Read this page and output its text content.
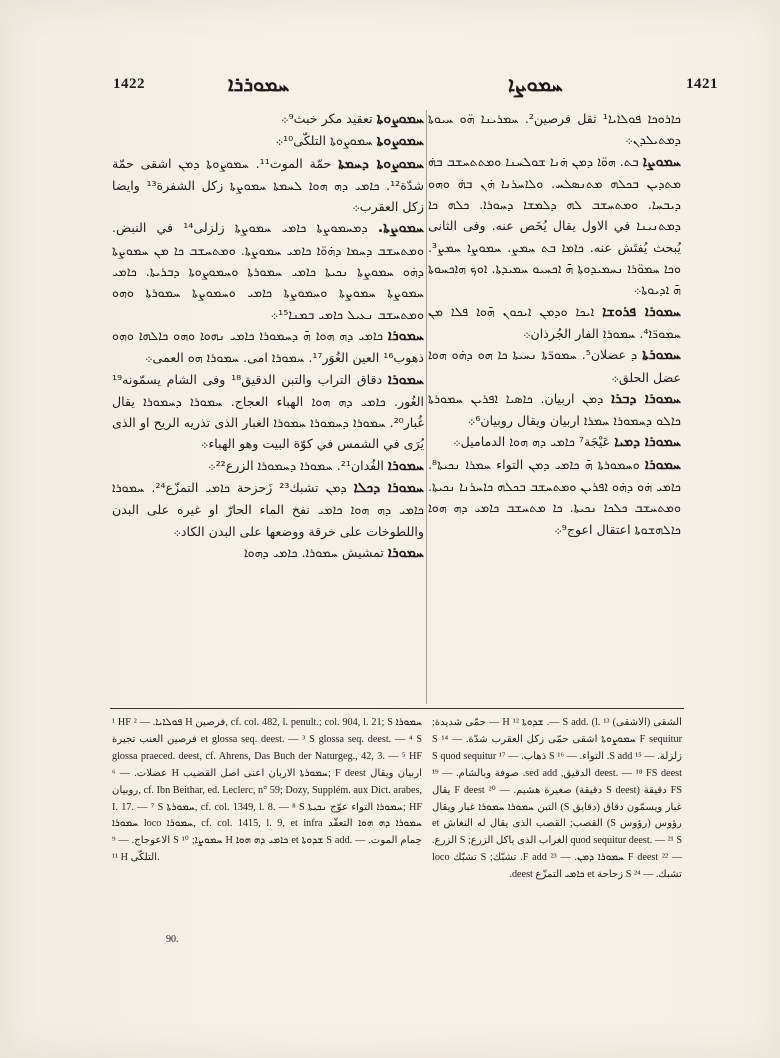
1422	ܚܡܘܪܪܐ	ܚܡܘܨܐ	1421

ܚܡܘܨܘܬܐ تعقيد مكر خبث⁹܀

ܚܡܘܨܘܬܐ ܚܡܘܨܘܬܐ التلكّى¹⁰܀

ܚܡܘܨܘܬܐ ܕܚܡܬܐ حمّة الموت¹¹. ܚܡܘܨܘܬܐ ܕܡܢ اشقى حمّة شدّة¹². ܟܐܡܝ ܕܗ ܗܘܐ ܠܚܡܬܐ ܚܡܘܨܬܐ زكل الشفرة¹³ وايضا زكل العقرب܀

ܚܡܘܨܬܐ. ܕܡܚܡܘܨܬܐ ܟܐܡܝ ܚܡܘܨܬܐ زلزلى¹⁴ في النبض. ܘܡܬܚܫܒ ܕܚܡܐ ܕܗ̇ܘ̈ܐ ܟܐܡܝ ܚܡܘܨܬܐ. ܘܡܬܚܫܒ ܟܐ ܡܢ ܚܡܘܨܬܐ ܕܗ̇ܘ ܚܡܘܨܬܐ ܢܟܝܬܐ ܟܐܡܝ ܚܡܘܪܬܐ ܘܚܡܘܨܘܬܐ ܕܒܪܝܬܐ. ܟܐܡܝ ܚܡܘܨܬܐ ܚܡܘܨܬܐ ܘܚܡܘܨܬܐ ܟܐܡܝ ܘܚܡܘܨܬܐ ܚܡܘܪܬܐ ܘܗܘ ܘܡܬܚܫܒ ܢܥܝܠ ܟܐܡܝ ܒܡܢܐ¹⁵܀

ܚܡܘܪܐ ܟܐܡܝ ܕܗ ܗܘܐ ܗ̄ ܕܚܡܘܪܐ ܟܐܡܝ ܢܗܘܐ ܘܗܘ ܟܐܠܗܐ ܘܗܘ ذهوب¹⁶ العين الغُوَر¹⁷. ܚܡܘܪܐ امى. ܚܡܘܪܐ ܗܘ العمى܀

ܚܡܘܪܐ دقاق التراب والتبن الدقيق¹⁸ وفى الشام يسمّونه¹⁹ الغُور. ܟܐܡܝ ܕܗ ܗܘܐ الهباء العجاج. ܚܡܘܪܐ ܕܚܡܘܪܐ يقال غُبار²⁰. ܚܡܘܪܐ ܕܚܡܘܪܐ ܚܡܘܪܐ الغبار الذى تذريه الريح او الذى يُرَى في الشمس في كوّة البيت وهو الهباء܀

ܚܡܘܪܐ الفُدان²¹. ܚܡܘܪܐ ܕܚܡܘܪܐ الزرع²²܀

ܚܡܘܪܐ ܕܟܠܐ ܕܡܢ تشبك²³ زَحزحة ܟܐܡܝ التمزّع²⁴. ܚܡܘܪܐ ܟܐܡܝ ܕܗ ܗܘܐ ܟܐܡܝ نفخ الماء الحارّ او غيره على البدن واللطوخات على خرقة ووضعها على البدن الكاد܀

ܚܡܘܪܐ تمشيش ܚܡܘܪܐ. ܟܐܡܝ ܕܗܘܐ

ܟܐܪܘܟܐ ܦܘܠܐܝܐ¹ ثقل فرصين². ܚܡܪܝܢܐ ܗ̈ܘ ܚܝܘܬܐ ܕܡܬܝܠܕܢ܀

ܚܡܘܨܐ ܒܬ. ܗܘ̈ܐ ܕܡܢ ܗ̇ܢܐ ܫܘܠܚܢܐ ܘܡܬܬܚܫܒ ܒܗ̇ ܡܬܕܝܢ ܒܟܠܗ ܡܬܢܣܠܚ. ܘܠܐܚܪܢܐ ܗ̇ܢ ܒܗ̇ ܘܗܘ ܕܝܒܚܐ. ܘܡܬܚܫܒ ܠܗ ܕܠܡܫܐ ܕܚܘܪܐ. ܟܠܗ ܟܐ ܕܡܬܢܝܢܐ في الاول يقال يُخَص عنه. وفى الثانى يُبحث يُفتَش عنه. ܟܐܡܐ ܒܬ ܚܡܨ. ܚܡܘܨܐ ܚܡܨ³. ܘܟܐ ܚܡܘ̈ܪܐ ܢܚܡܝܕܘܬܐ ܗ̄ ܐܟܚܝܘ ܚܡܝܕܬܐ. ܐܘܟ ܗܐܟܚܘܬܐ ܗ̄ ܐܕܝܘܬܐ܀

ܚܡܘܪܐ ܦܪܘܫܐ ܐܝܟܐ ܘܕܡܢ ܐܝܟܘܢ ܗ̄ܘܐ ܦܠܐ ܡܢ ܚܡܘܪ̈ܐ⁴. ܚܡܘܪܐ الفار الجُرذان܀

ܚܡܘܪܬܐ ܕ عضلان⁵. ܚܡܘܪ̈ܬܐ ܢܚܝܬܐ ܟܐ ܗܘ ܕܗ̇ܘ ܗܘܐ عضل الحلق܀

ܚܡܘܪܐ ܕܒܪܐ ܕܡܢ اربيان. ܟܐܣܝܐ ܐܦܪܝܢ ܚܡܘܪܬܐ ܟܐܠܘ ܕܚܡܘܪܐ ܚܡܪܐ اربيان ويقال روبيان⁶܀

ܚܡܘܪܐ ܕܡܝܐ عَيْجَة⁷ ܟܐܡܝ ܕܗ ܗܘܐ الدماميل܀

ܚܡܘܪܐ ܘܚܡܘܪܬܐ ܗ̄ ܟܐܡܝ ܕܡܢ التواء ܚܡܪܐ ܢܟܝܬܐ⁸. ܟܐܡܝ ܗ̇ܘ ܕܗ̇ܘ ܐܦܪܝܢ ܘܡܬܚܫܒ ܒܟܠܗ ܟܐܚܪܢܐ ܢܟܝܬܐ. ܘܡܬܚܫܒ ܟܠܟܐ ܢܟܝܬܐ. ܟܐ ܡܬܚܫܒ ܟܐܡܝ ܕܗ ܗܘܐ ܟܐܠܗܫܘܬܐ اعتقال اعوج⁹܀

¹ HF ܦܘܠܐܝܐ. — ² H فرصين, cf. col. 482, l. penult.; col. 904, l. 21; S ܚܡܘܪܐ فرصين العنب تجيرة et glossa seq. deest. — ³ S glossa seq. deest. — ⁴ S glossa praeced. deest, cf. Ahrens, Das Buch der Naturgeg., 42, 3. — ⁵ HF عضلات. — ⁶ H ܚܡܘܪܬܐ الاربان اعنى اصل القضيب; F deest اربيان ويقال روبيان, cf. Ibn Beithar, ed. Leclerc, n° 59; Dozy, Supplém. aux Dict. arabes, I. 17. — ⁷ S ܚܡܘܪܬܐ, cf. col. 1349, l. 8. — ⁸ S ܚܡܘܪܐ التواء عوّج ܢܟܝܬܐ; HF ܚܡܘܪܐ loco ܚܡܘܪܐ, cf. col. 1415, l. 9, et infra ܚܡܘܪܐ ܕܗ ܗܘܐ التعقّد الاعوجاج. — ⁹ S ܚܡܘܨܐ; ¹⁰ H ܟܐܡܝ ܕܗ ܗܘܐ et ܫܕܘܬܐ S add. حِمام الموت. — ¹¹ H التلكّى.

الشقى (الاشقى) S add. (l. ¹³ —. ܫܕܘܬܐ H ¹² — حمّى شديدة; F sequitur ܚܡܘܨܘܬܐ اشقى حمّى زكل العقرب شدّة. — ¹⁴ S زلزلة. — ¹⁵ S add. التواء. — ¹⁶ S ذهاب. — ¹⁷ S quod sequitur deest. — ¹⁸ FS deest الدقيق, sed add. صوفة وبالشام. — ¹⁹ FS دقيقة (S deest دقيقة) صغيرة هشيم. — ²⁰ F deest يقال غبار ويسمّون دقاق (دقايق S) التبن ܚܡܘܪܐ ܚܡܘܪܐ غبار ويقال رؤوس (رؤوس S) القصب; القصب الذى يقال له النغاش et quod sequitur deest. — ²¹ S الغراب الذى ياكل الزرع; S الزرع. — ²² F deest ܚܡܘܪܐ ܕܡܢ. — ²³ F add. تشبّك; S تشبّك loco تشبك. — ²⁴ S زحاحة et ܟܐܡܝ التمزّع deest.

90.
